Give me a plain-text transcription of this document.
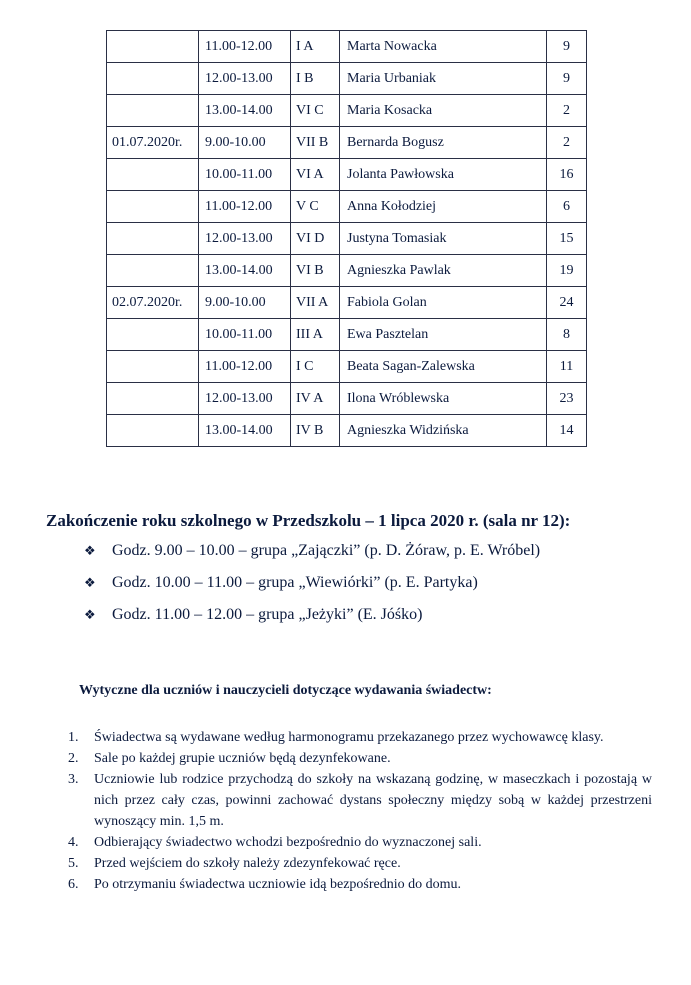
	11.00-12.00	I A	Marta Nowacka	9
	12.00-13.00	I B	Maria Urbaniak	9
	13.00-14.00	VI C	Maria Kosacka	2
01.07.2020r.	9.00-10.00	VII B	Bernarda Bogusz	2
	10.00-11.00	VI A	Jolanta Pawłowska	16
	11.00-12.00	V C	Anna Kołodziej	6
	12.00-13.00	VI D	Justyna Tomasiak	15
	13.00-14.00	VI B	Agnieszka Pawlak	19
02.07.2020r.	9.00-10.00	VII A	Fabiola Golan	24
	10.00-11.00	III A	Ewa Pasztelan	8
	11.00-12.00	I C	Beata Sagan-Zalewska	11
	12.00-13.00	IV A	Ilona Wróblewska	23
	13.00-14.00	IV B	Agnieszka Widzińska	14
Zakończenie roku szkolnego w Przedszkolu – 1 lipca 2020 r. (sala nr 12):
❖ Godz. 9.00 – 10.00 – grupa „Zajączki” (p. D. Żóraw, p. E. Wróbel)
❖ Godz. 10.00 – 11.00 – grupa „Wiewiórki” (p. E. Partyka)
❖ Godz. 11.00 – 12.00 – grupa „Jeżyki” (E. Jóśko)
Wytyczne dla uczniów i nauczycieli dotyczące wydawania świadectw:
1.	Świadectwa są wydawane według harmonogramu przekazanego przez wychowawcę klasy.
2.	Sale po każdej grupie uczniów będą dezynfekowane.
3.	Uczniowie lub rodzice przychodzą do szkoły na wskazaną godzinę, w maseczkach i pozostają w nich przez cały czas, powinni zachować dystans społeczny między sobą w każdej przestrzeni wynoszący min. 1,5 m.
4.	Odbierający świadectwo wchodzi bezpośrednio do wyznaczonej sali.
5.	Przed wejściem do szkoły należy zdezynfekować ręce.
6.	Po otrzymaniu świadectwa uczniowie idą bezpośrednio do domu.
